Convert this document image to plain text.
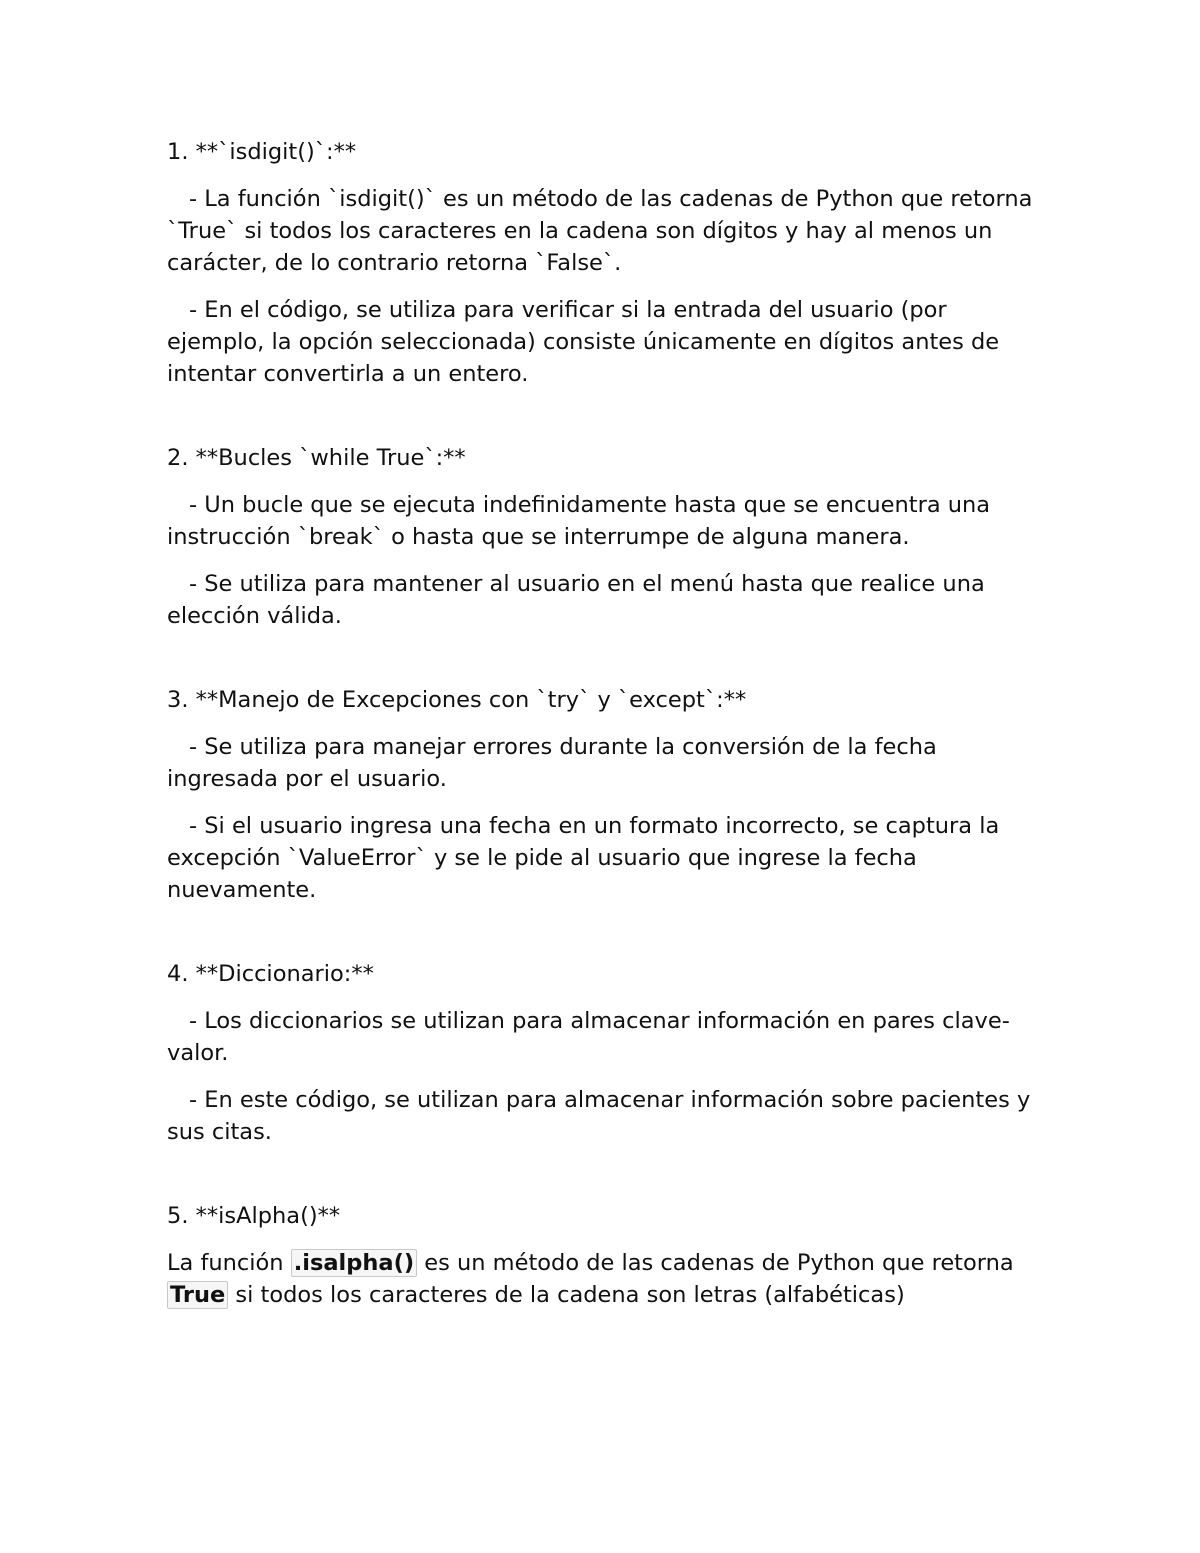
1. **`isdigit()`:**

- La función `isdigit()` es un método de las cadenas de Python que retorna `True` si todos los caracteres en la cadena son dígitos y hay al menos un carácter, de lo contrario retorna `False`.

- En el código, se utiliza para verificar si la entrada del usuario (por ejemplo, la opción seleccionada) consiste únicamente en dígitos antes de intentar convertirla a un entero.

2. **Bucles `while True`:**

- Un bucle que se ejecuta indefinidamente hasta que se encuentra una instrucción `break` o hasta que se interrumpe de alguna manera.

- Se utiliza para mantener al usuario en el menú hasta que realice una elección válida.

3. **Manejo de Excepciones con `try` y `except`:**

- Se utiliza para manejar errores durante la conversión de la fecha ingresada por el usuario.

- Si el usuario ingresa una fecha en un formato incorrecto, se captura la excepción `ValueError` y se le pide al usuario que ingrese la fecha nuevamente.

4. **Diccionario:**

- Los diccionarios se utilizan para almacenar información en pares clave-valor.

- En este código, se utilizan para almacenar información sobre pacientes y sus citas.

5. **isAlpha()**

La función .isalpha() es un método de las cadenas de Python que retorna True si todos los caracteres de la cadena son letras (alfabéticas)
